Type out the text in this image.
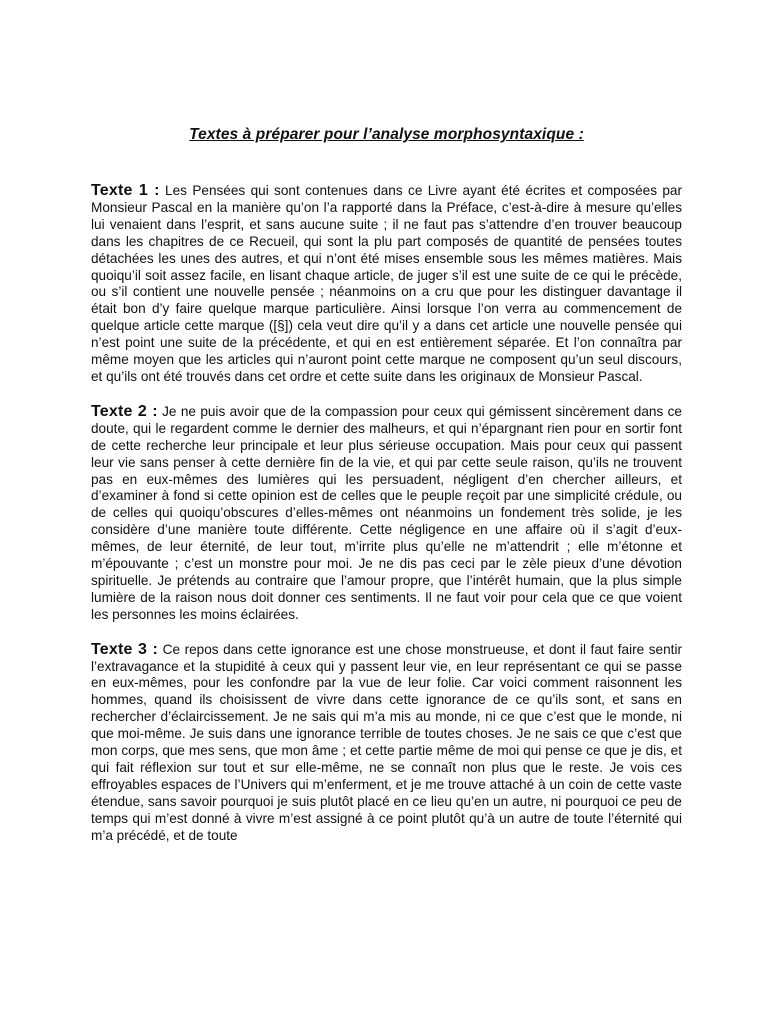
Textes à préparer pour l’analyse morphosyntaxique :

Texte 1 : Les Pensées qui sont contenues dans ce Livre ayant été écrites et composées par Monsieur Pascal en la manière qu’on l’a rapporté dans la Préface, c’est-à-dire à mesure qu’elles lui venaient dans l’esprit, et sans aucune suite ; il ne faut pas s’attendre d’en trouver beaucoup dans les chapitres de ce Recueil, qui sont la plu part composés de quantité de pensées toutes détachées les unes des autres, et qui n’ont été mises ensemble sous les mêmes matières. Mais quoiqu’il soit assez facile, en lisant chaque article, de juger s’il est une suite de ce qui le précède, ou s’il contient une nouvelle pensée ; néanmoins on a cru que pour les distinguer davantage il était bon d’y faire quelque marque particulière. Ainsi lorsque l’on verra au commencement de quelque article cette marque ([§]) cela veut dire qu’il y a dans cet article une nouvelle pensée qui n’est point une suite de la précédente, et qui en est entièrement séparée. Et l’on connaîtra par même moyen que les articles qui n’auront point cette marque ne composent qu’un seul discours, et qu’ils ont été trouvés dans cet ordre et cette suite dans les originaux de Monsieur Pascal.

Texte 2 : Je ne puis avoir que de la compassion pour ceux qui gémissent sincèrement dans ce doute, qui le regardent comme le dernier des malheurs, et qui n’épargnant rien pour en sortir font de cette recherche leur principale et leur plus sérieuse occupation. Mais pour ceux qui passent leur vie sans penser à cette dernière fin de la vie, et qui par cette seule raison, qu’ils ne trouvent pas en eux-mêmes des lumières qui les persuadent, négligent d’en chercher ailleurs, et d’examiner à fond si cette opinion est de celles que le peuple reçoit par une simplicité crédule, ou de celles qui quoiqu’obscures d’elles-mêmes ont néanmoins un fondement très solide, je les considère d’une manière toute différente. Cette négligence en une affaire où il s’agit d’eux-mêmes, de leur éternité, de leur tout, m’irrite plus qu’elle ne m’attendrit ; elle m’étonne et m’épouvante ; c’est un monstre pour moi. Je ne dis pas ceci par le zèle pieux d’une dévotion spirituelle. Je prétends au contraire que l’amour propre, que l’intérêt humain, que la plus simple lumière de la raison nous doit donner ces sentiments. Il ne faut voir pour cela que ce que voient les personnes les moins éclairées.

Texte 3 : Ce repos dans cette ignorance est une chose monstrueuse, et dont il faut faire sentir l’extravagance et la stupidité à ceux qui y passent leur vie, en leur représentant ce qui se passe en eux-mêmes, pour les confondre par la vue de leur folie. Car voici comment raisonnent les hommes, quand ils choisissent de vivre dans cette ignorance de ce qu’ils sont, et sans en rechercher d’éclaircissement. Je ne sais qui m’a mis au monde, ni ce que c’est que le monde, ni que moi-même. Je suis dans une ignorance terrible de toutes choses. Je ne sais ce que c’est que mon corps, que mes sens, que mon âme ; et cette partie même de moi qui pense ce que je dis, et qui fait réflexion sur tout et sur elle-même, ne se connaît non plus que le reste. Je vois ces effroyables espaces de l’Univers qui m’enferment, et je me trouve attaché à un coin de cette vaste étendue, sans savoir pourquoi je suis plutôt placé en ce lieu qu’en un autre, ni pourquoi ce peu de temps qui m’est donné à vivre m’est assigné à ce point plutôt qu’à un autre de toute l’éternité qui m’a précédé, et de toute
